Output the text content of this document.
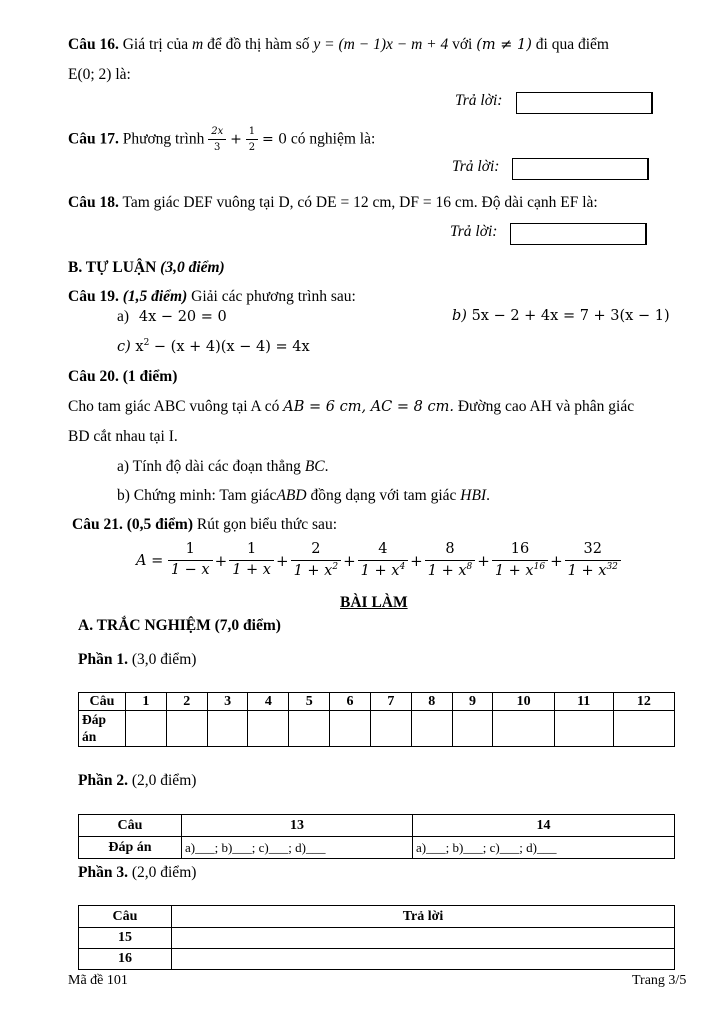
Câu 16. Giá trị của m để đồ thị hàm số y = (m − 1)x − m + 4 với (m ≠ 1) đi qua điểm
E(0; 2) là:
Trả lời:
Câu 17. Phương trình $\frac{2x}{3} + \frac{1}{2} = 0$ có nghiệm là:
Trả lời:
Câu 18. Tam giác DEF vuông tại D, có DE = 12 cm, DF = 16 cm. Độ dài cạnh EF là:
Trả lời:
B. TỰ LUẬN (3,0 điểm)
Câu 19. (1,5 điểm) Giải các phương trình sau:
a) 4x − 20 = 0	b) 5x − 2 + 4x = 7 + 3(x − 1)
c) $x^2 - (x + 4)(x - 4) = 4x$
Câu 20. (1 điểm)
Cho tam giác ABC vuông tại A có AB = 6 cm, AC = 8 cm. Đường cao AH và phân giác
BD cắt nhau tại I.
a) Tính độ dài các đoạn thẳng BC.
b) Chứng minh: Tam giácABD đồng dạng với tam giác HBI.
Câu 21. (0,5 điểm) Rút gọn biểu thức sau:
$A = \frac{1}{1 - x} + \frac{1}{1 + x} + \frac{2}{1 + x^2} + \frac{4}{1 + x^4} + \frac{8}{1 + x^8} + \frac{16}{1 + x^{16}} + \frac{32}{1 + x^{32}}$
BÀI LÀM
A. TRẮC NGHIỆM (7,0 điểm)
Phần 1. (3,0 điểm)
Câu	1	2	3	4	5	6	7	8	9	10	11	12
Đáp
án												
Phần 2. (2,0 điểm)
Câu	13	14
Đáp án	a)___; b)___; c)___; d)___	a)___; b)___; c)___; d)___
Phần 3. (2,0 điểm)
Câu	Trả lời
15	
16	
Mã đề 101	Trang 3/5
